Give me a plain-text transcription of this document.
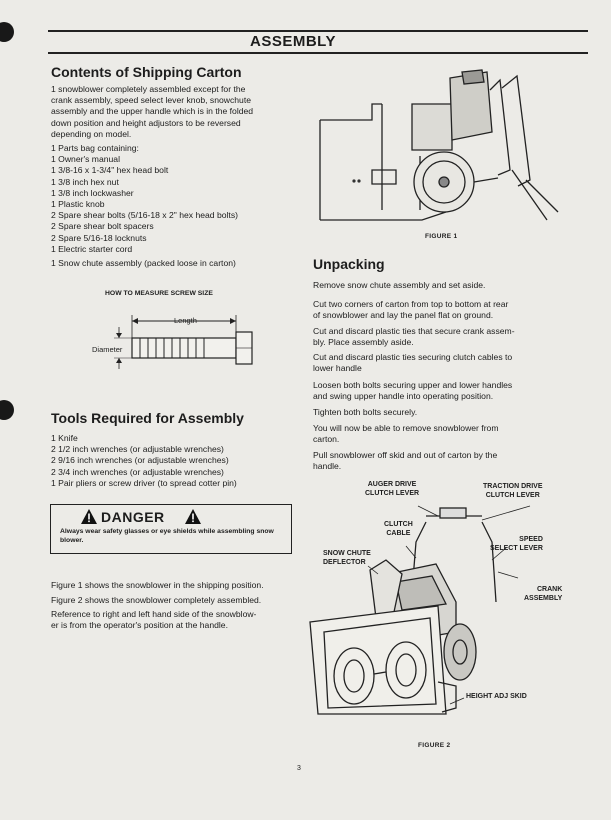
ASSEMBLY
Contents of Shipping Carton
1 snowblower completely assembled except for the
crank assembly, speed select lever knob, snowchute
assembly and the upper handle which is in the folded
down position and height adjustors to be reversed
depending on model.
1 Parts bag containing:
1 Owner's manual
1 3/8-16 x 1-3/4" hex head bolt
1 3/8 inch hex nut
1 3/8 inch lockwasher
1 Plastic knob
2 Spare shear bolts (5/16-18 x 2" hex head bolts)
2 Spare shear bolt spacers
2 Spare 5/16-18 locknuts
1 Electric starter cord

1 Snow chute assembly (packed loose in carton)

HOW TO MEASURE SCREW SIZE
Length
Diameter
Tools Required for Assembly
1 Knife
2 1/2 inch wrenches (or adjustable wrenches)
2 9/16 inch wrenches (or adjustable wrenches)
2 3/4 inch wrenches (or adjustable wrenches)
1 Pair pliers or screw driver (to spread cotter pin)
DANGER
Always wear safety glasses or eye shields while assembling snow blower.
Figure 1 shows the snowblower in the shipping position.
Figure 2 shows the snowblower completely assembled.
Reference to right and left hand side of the snowblow-
er is from the operator's position at the handle.
FIGURE 1
Unpacking
Remove snow chute assembly and set aside.
Cut two corners of carton from top to bottom at rear
of snowblower and lay the panel flat on ground.
Cut and discard plastic ties that secure crank assem-
bly. Place assembly aside.
Cut and discard plastic ties securing clutch cables to
lower handle
Loosen both bolts securing upper and lower handles
and swing upper handle into operating position.
Tighten both bolts securely.
You will now be able to remove snowblower from
carton.
Pull snowblower off skid and out of carton by the
handle.
AUGER DRIVE
CLUTCH LEVER
TRACTION DRIVE
CLUTCH LEVER
CLUTCH
CABLE
SPEED
SELECT LEVER
SNOW CHUTE
DEFLECTOR
CRANK
ASSEMBLY
HEIGHT ADJ SKID
FIGURE 2
3
